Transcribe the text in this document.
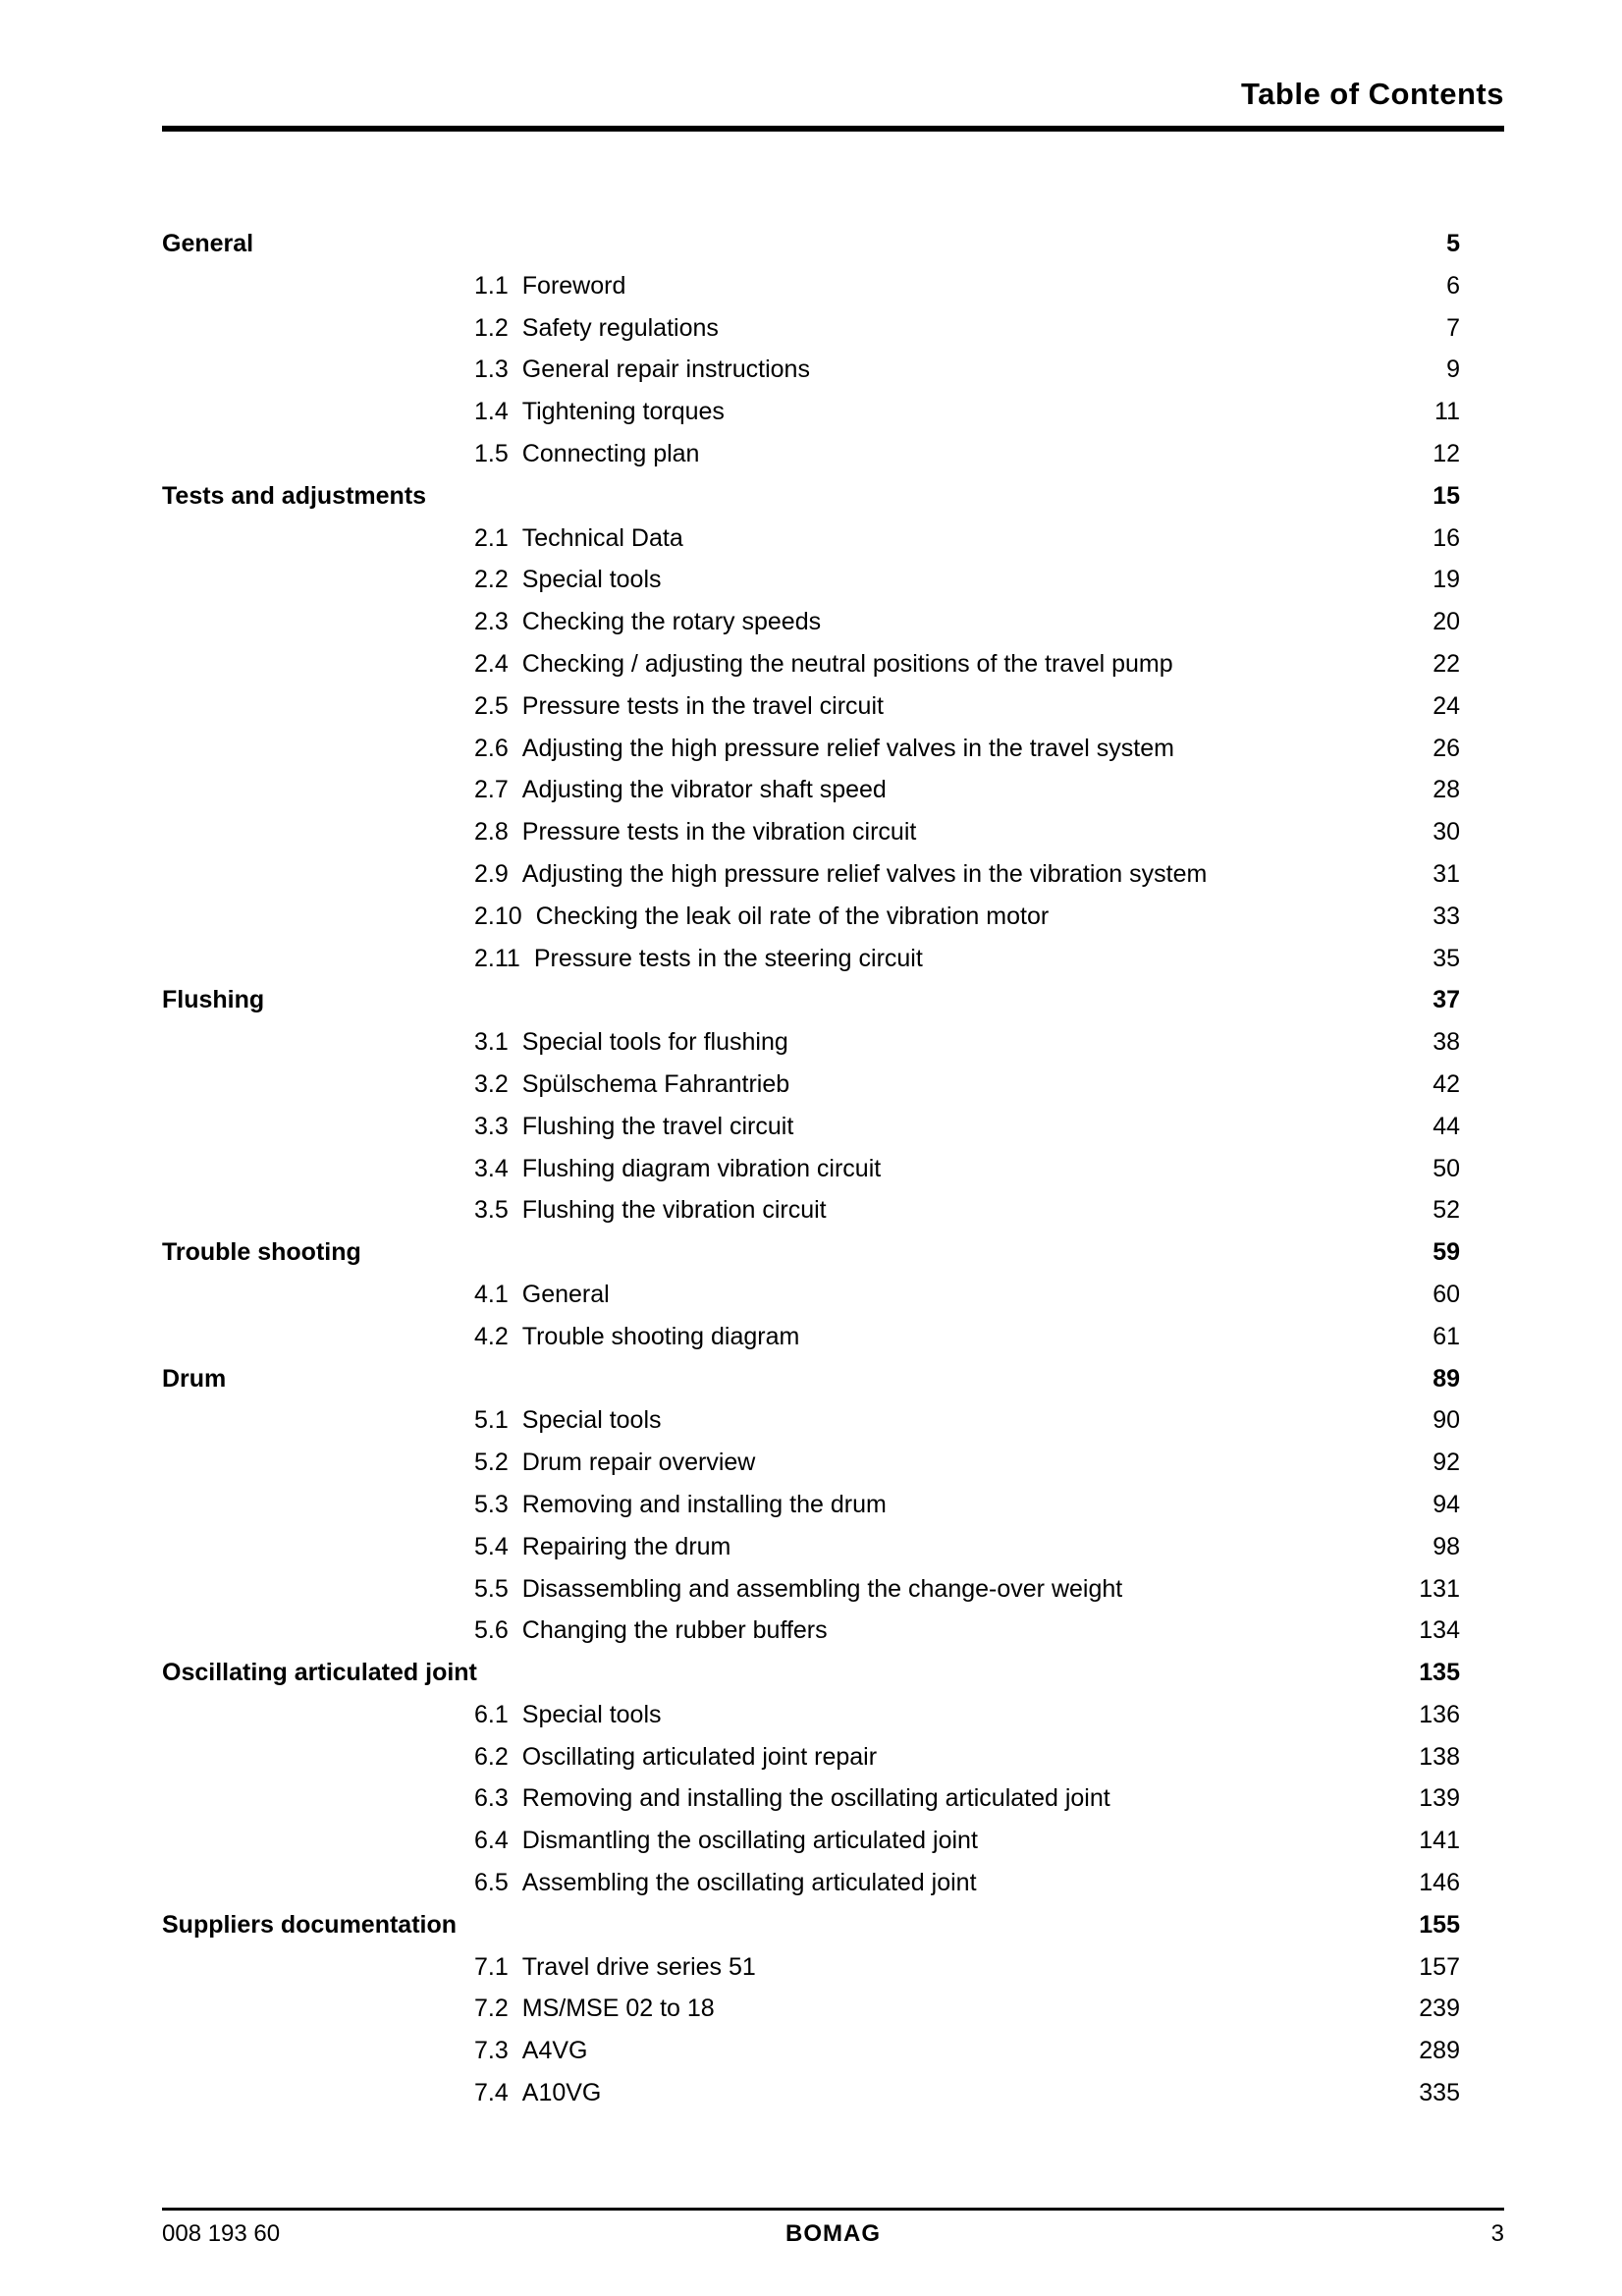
Table of Contents
General	5
1.1 Foreword	6
1.2 Safety regulations	7
1.3 General repair instructions	9
1.4 Tightening torques	11
1.5 Connecting plan	12
Tests and adjustments	15
2.1 Technical Data	16
2.2 Special tools	19
2.3 Checking the rotary speeds	20
2.4 Checking / adjusting the neutral positions of the travel pump	22
2.5 Pressure tests in the travel circuit	24
2.6 Adjusting the high pressure relief valves in the travel system	26
2.7 Adjusting the vibrator shaft speed	28
2.8 Pressure tests in the vibration circuit	30
2.9 Adjusting the high pressure relief valves in the vibration system	31
2.10 Checking the leak oil rate of the vibration motor	33
2.11 Pressure tests in the steering circuit	35
Flushing	37
3.1 Special tools for flushing	38
3.2 Spülschema Fahrantrieb	42
3.3 Flushing the travel circuit	44
3.4 Flushing diagram vibration circuit	50
3.5 Flushing the vibration circuit	52
Trouble shooting	59
4.1 General	60
4.2 Trouble shooting diagram	61
Drum	89
5.1 Special tools	90
5.2 Drum repair overview	92
5.3 Removing and installing the drum	94
5.4 Repairing the drum	98
5.5 Disassembling and assembling the change-over weight	131
5.6 Changing the rubber buffers	134
Oscillating articulated joint	135
6.1 Special tools	136
6.2 Oscillating articulated joint repair	138
6.3 Removing and installing the oscillating articulated joint	139
6.4 Dismantling the oscillating articulated joint	141
6.5 Assembling the oscillating articulated joint	146
Suppliers documentation	155
7.1 Travel drive series 51	157
7.2 MS/MSE 02 to 18	239
7.3 A4VG	289
7.4 A10VG	335
008 193 60	BOMAG	3
